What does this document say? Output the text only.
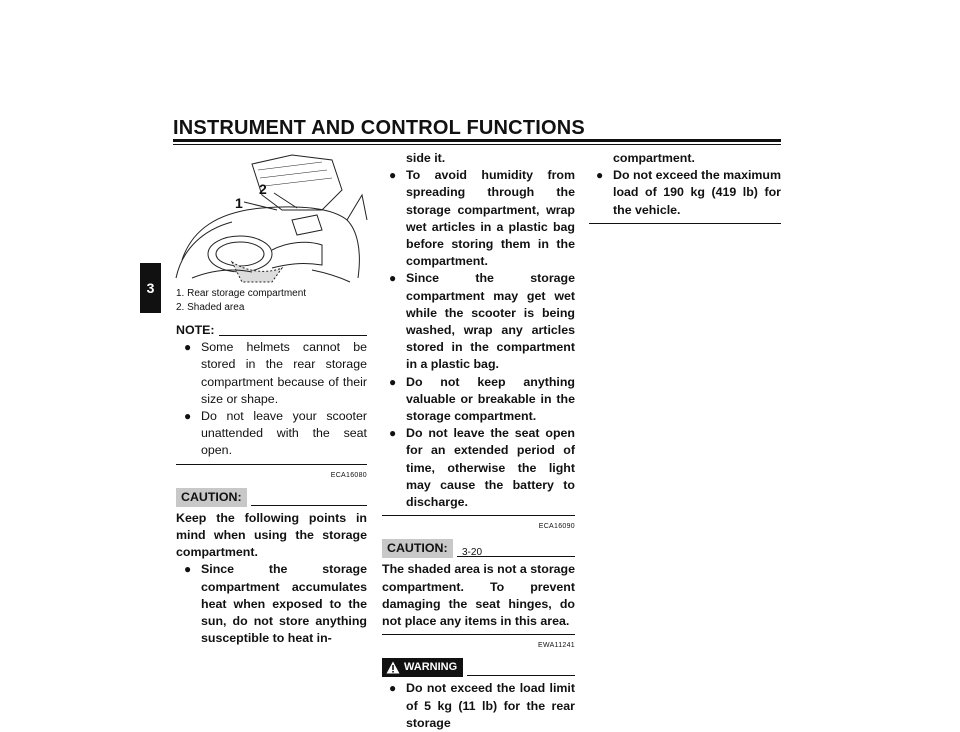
INSTRUMENT AND CONTROL FUNCTIONS
3
1
2
1. Rear storage compartment
2. Shaded area
NOTE:
● Some helmets cannot be stored in the rear storage compartment because of their size or shape.
● Do not leave your scooter unattended with the seat open.
ECA16080
CAUTION:
Keep the following points in mind when using the storage compartment.
● Since the storage compartment accumulates heat when exposed to the sun, do not store anything susceptible to heat in-
side it.
● To avoid humidity from spreading through the storage compartment, wrap wet articles in a plastic bag before storing them in the compartment.
● Since the storage compartment may get wet while the scooter is being washed, wrap any articles stored in the compartment in a plastic bag.
● Do not keep anything valuable or breakable in the storage compartment.
● Do not leave the seat open for an extended period of time, otherwise the light may cause the battery to discharge.
ECA16090
CAUTION:
The shaded area is not a storage compartment. To prevent damaging the seat hinges, do not place any items in this area.
EWA11241
WARNING
● Do not exceed the load limit of 5 kg (11 lb) for the rear storage
compartment.
● Do not exceed the maximum load of 190 kg (419 lb) for the vehicle.
3-20
